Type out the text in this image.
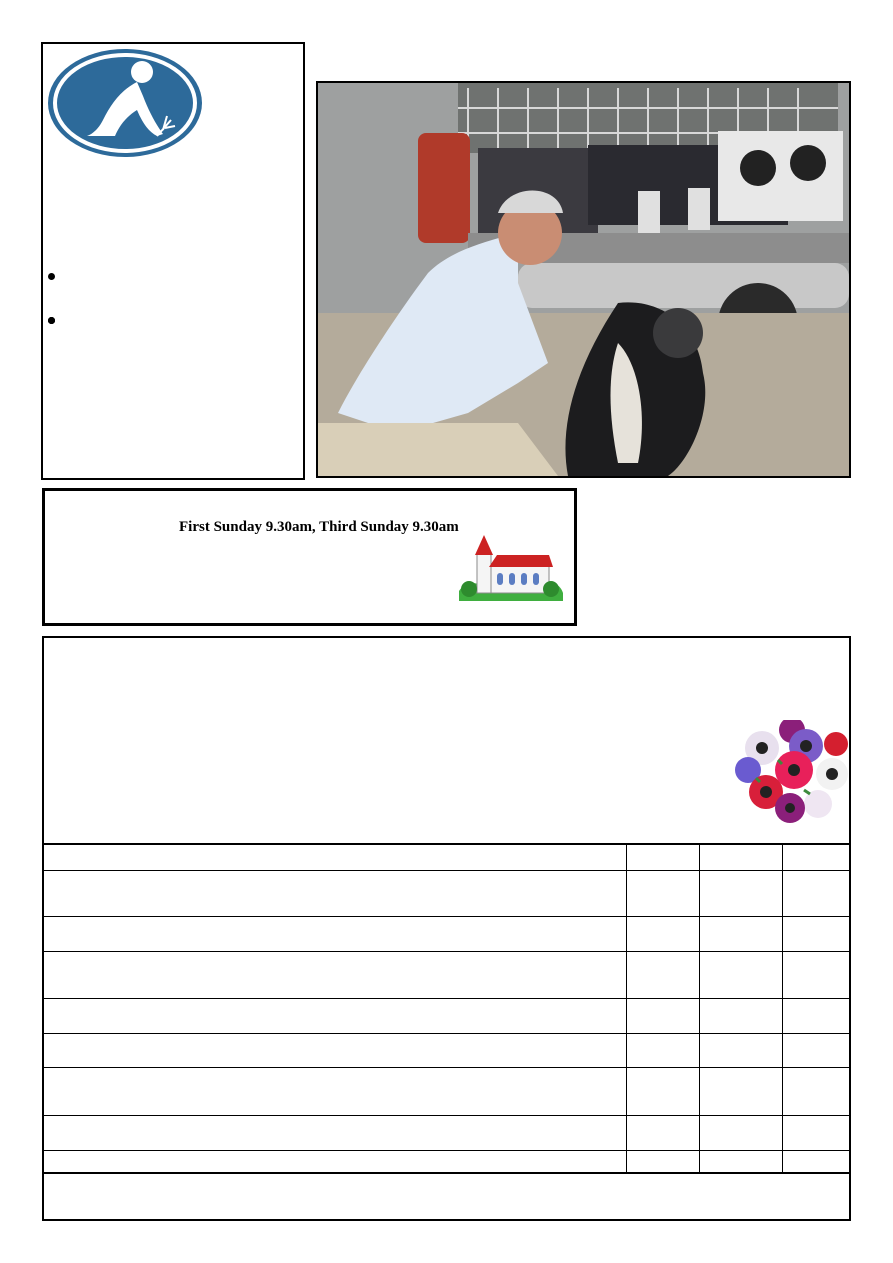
First Sunday 9.30am, Third Sunday 9.30am
